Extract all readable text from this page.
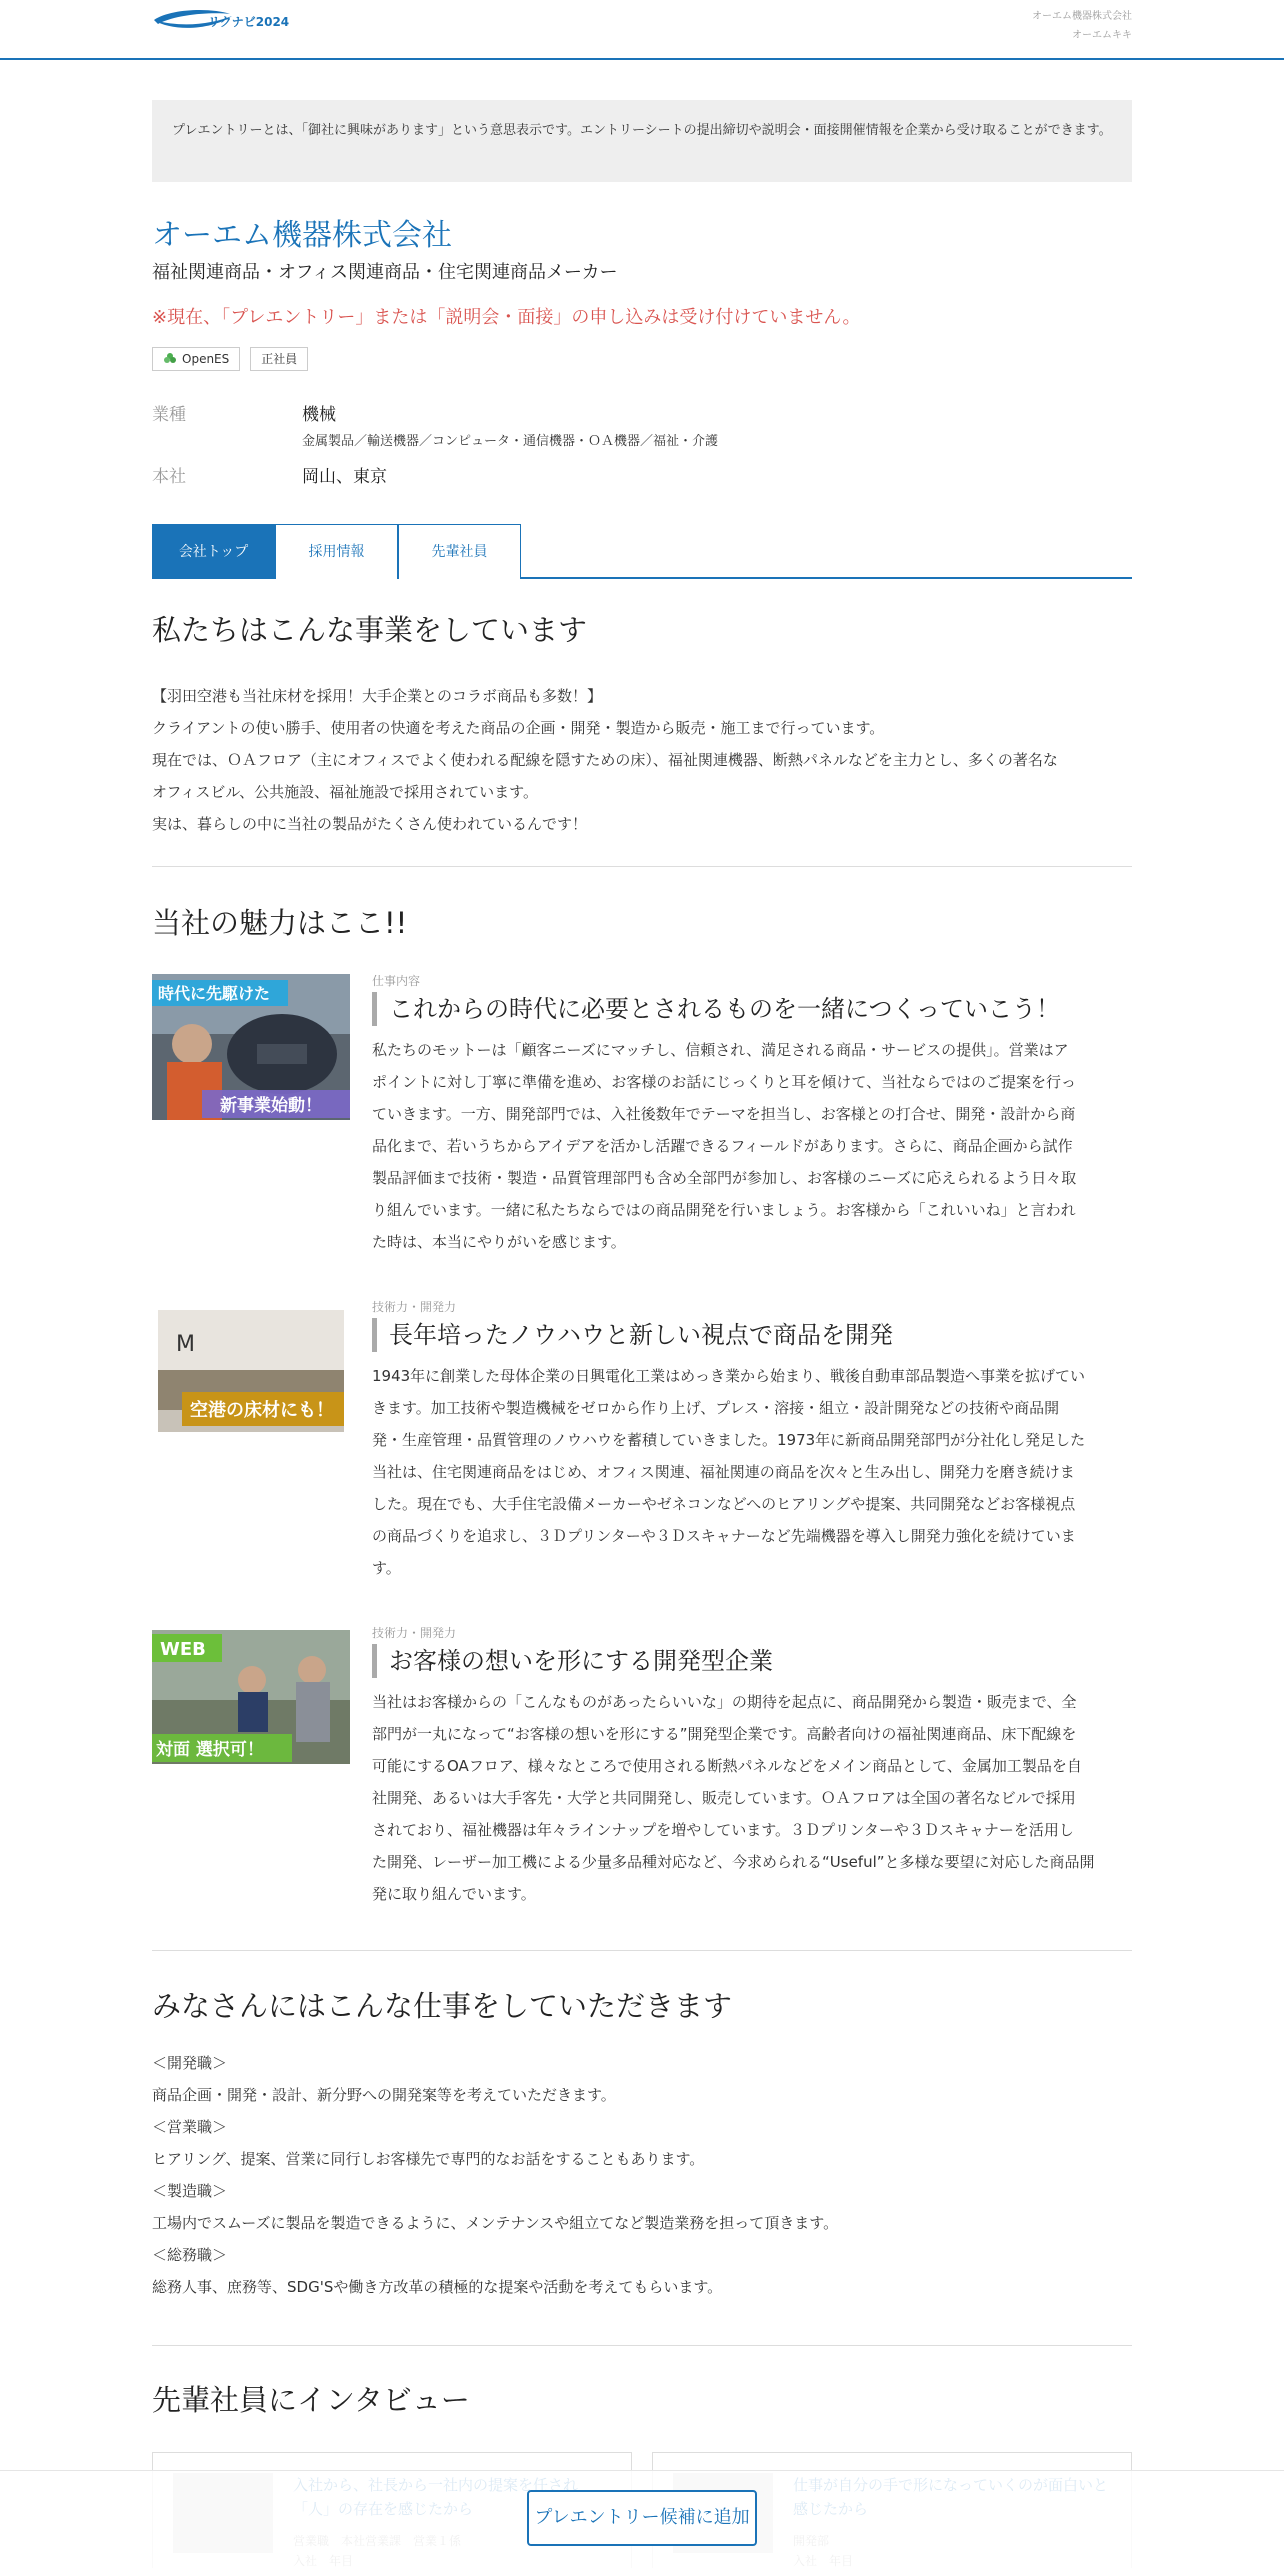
リクナビ2024	オーエム機器株式会社
オーエムキキ
プレエントリーとは、「御社に興味があります」という意思表示です。エントリーシートの提出締切や説明会・面接開催情報を企業から受け取ることができます。
オーエム機器株式会社
福祉関連商品・オフィス関連商品・住宅関連商品メーカー
※現在、「プレエントリー」または「説明会・面接」の申し込みは受け付けていません。
OpenES	正社員
業種	機械
金属製品／輸送機器／コンピュータ・通信機器・ＯＡ機器／福祉・介護
本社	岡山、東京
会社トップ	採用情報	先輩社員
私たちはこんな事業をしています
【羽田空港も当社床材を採用！大手企業とのコラボ商品も多数！】
クライアントの使い勝手、使用者の快適を考えた商品の企画・開発・製造から販売・施工まで行っています。
現在では、ＯＡフロア（主にオフィスでよく使われる配線を隠すための床）、福祉関連機器、断熱パネルなどを主力とし、多くの著名な
オフィスビル、公共施設、福祉施設で採用されています。
実は、暮らしの中に当社の製品がたくさん使われているんです！
当社の魅力はここ!!
時代に先駆けた
新事業始動！
仕事内容
これからの時代に必要とされるものを一緒につくっていこう！
私たちのモットーは「顧客ニーズにマッチし、信頼され、満足される商品・サービスの提供」。営業はア
ポイントに対し丁寧に準備を進め、お客様のお話にじっくりと耳を傾けて、当社ならではのご提案を行っ
ていきます。一方、開発部門では、入社後数年でテーマを担当し、お客様との打合せ、開発・設計から商
品化まで、若いうちからアイデアを活かし活躍できるフィールドがあります。さらに、商品企画から試作
製品評価まで技術・製造・品質管理部門も含め全部門が参加し、お客様のニーズに応えられるよう日々取
り組んでいます。一緒に私たちならではの商品開発を行いましょう。お客様から「これいいね」と言われ
た時は、本当にやりがいを感じます。
M
空港の床材にも！
技術力・開発力
長年培ったノウハウと新しい視点で商品を開発
1943年に創業した母体企業の日興電化工業はめっき業から始まり、戦後自動車部品製造へ事業を拡げてい
きます。加工技術や製造機械をゼロから作り上げ、プレス・溶接・組立・設計開発などの技術や商品開
発・生産管理・品質管理のノウハウを蓄積していきました。1973年に新商品開発部門が分社化し発足した
当社は、住宅関連商品をはじめ、オフィス関連、福祉関連の商品を次々と生み出し、開発力を磨き続けま
した。現在でも、大手住宅設備メーカーやゼネコンなどへのヒアリングや提案、共同開発などお客様視点
の商品づくりを追求し、３Ｄプリンターや３Ｄスキャナーなど先端機器を導入し開発力強化を続けていま
す。
WEB
対面 選択可！
技術力・開発力
お客様の想いを形にする開発型企業
当社はお客様からの「こんなものがあったらいいな」の期待を起点に、商品開発から製造・販売まで、全
部門が一丸になって“お客様の想いを形にする”開発型企業です。高齢者向けの福祉関連商品、床下配線を
可能にするOAフロア、様々なところで使用される断熱パネルなどをメイン商品として、金属加工製品を自
社開発、あるいは大手客先・大学と共同開発し、販売しています。ＯＡフロアは全国の著名なビルで採用
されており、福祉機器は年々ラインナップを増やしています。３Ｄプリンターや３Ｄスキャナーを活用し
た開発、レーザー加工機による少量多品種対応など、今求められる“Useful”と多様な要望に対応した商品開
発に取り組んでいます。
みなさんにはこんな仕事をしていただきます
＜開発職＞
商品企画・開発・設計、新分野への開発案等を考えていただきます。
＜営業職＞
ヒアリング、提案、営業に同行しお客様先で専門的なお話をすることもあります。
＜製造職＞
工場内でスムーズに製品を製造できるように、メンテナンスや組立てなど製造業務を担って頂きます。
＜総務職＞
総務人事、庶務等、SDG'Sや働き方改革の積極的な提案や活動を考えてもらいます。
先輩社員にインタビュー
プレエントリー候補に追加
